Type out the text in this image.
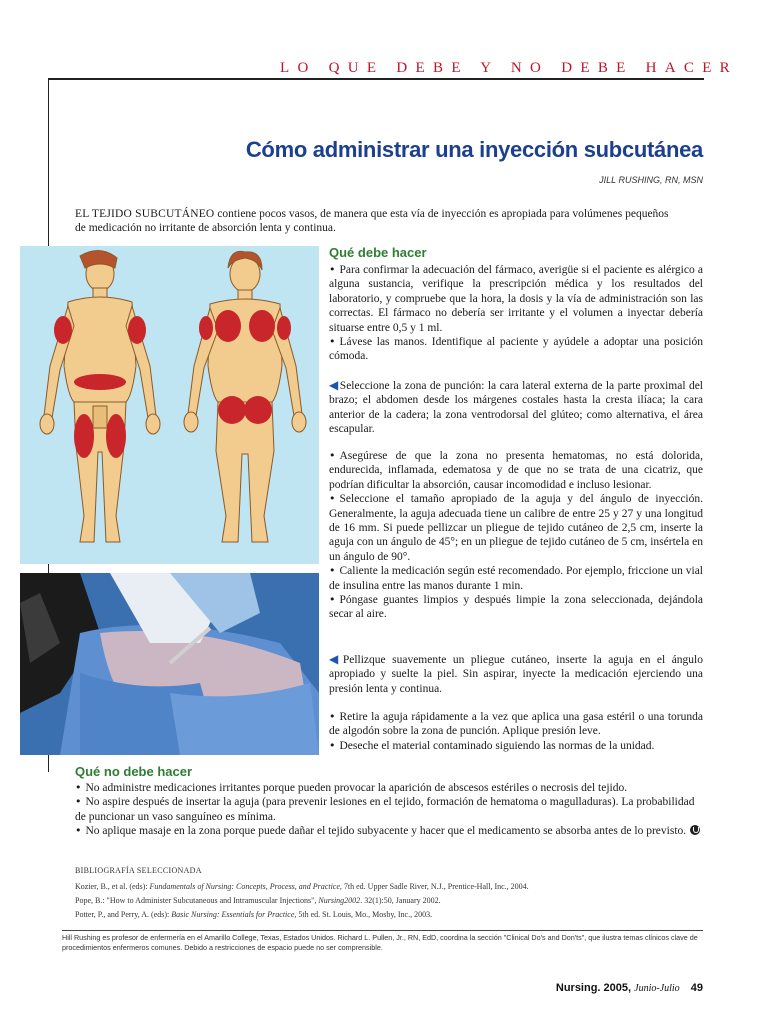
LO QUE DEBE Y NO DEBE HACER
Cómo administrar una inyección subcutánea
JILL RUSHING, RN, MSN
EL TEJIDO SUBCUTÁNEO contiene pocos vasos, de manera que esta vía de inyección es apropiada para volúmenes pequeños de medicación no irritante de absorción lenta y continua.
Qué debe hacer

• Para confirmar la adecuación del fármaco, averigüe si el paciente es alérgico a alguna sustancia, verifique la prescripción médica y los resultados del laboratorio, y compruebe que la hora, la dosis y la vía de administración son las correctas. El fármaco no debería ser irritante y el volumen a inyectar debería situarse entre 0,5 y 1 ml.

• Lávese las manos. Identifique al paciente y ayúdele a adoptar una posición cómoda.

◀Seleccione la zona de punción: la cara lateral externa de la parte proximal del brazo; el abdomen desde los márgenes costales hasta la cresta ilíaca; la cara anterior de la cadera; la zona ventrodorsal del glúteo; como alternativa, el área escapular.

• Asegúrese de que la zona no presenta hematomas, no está dolorida, endurecida, inflamada, edematosa y de que no se trata de una cicatriz, que podrían dificultar la absorción, causar incomodidad e incluso lesionar.

• Seleccione el tamaño apropiado de la aguja y del ángulo de inyección. Generalmente, la aguja adecuada tiene un calibre de entre 25 y 27 y una longitud de 16 mm. Si puede pellizcar un pliegue de tejido cutáneo de 2,5 cm, inserte la aguja con un ángulo de 45°; en un pliegue de tejido cutáneo de 5 cm, insértela en un ángulo de 90°.

• Caliente la medicación según esté recomendado. Por ejemplo, friccione un vial de insulina entre las manos durante 1 min.

• Póngase guantes limpios y después limpie la zona seleccionada, dejándola secar al aire.

◀Pellizque suavemente un pliegue cutáneo, inserte la aguja en el ángulo apropiado y suelte la piel. Sin aspirar, inyecte la medicación ejerciendo una presión lenta y continua.

• Retire la aguja rápidamente a la vez que aplica una gasa estéril o una torunda de algodón sobre la zona de punción. Aplique presión leve.

• Deseche el material contaminado siguiendo las normas de la unidad.

Qué no debe hacer

• No administre medicaciones irritantes porque pueden provocar la aparición de abscesos estériles o necrosis del tejido.

• No aspire después de insertar la aguja (para prevenir lesiones en el tejido, formación de hematoma o magulladuras). La probabilidad de puncionar un vaso sanguíneo es mínima.

• No aplique masaje en la zona porque puede dañar el tejido subyacente y hacer que el medicamento se absorba antes de lo previsto.

BIBLIOGRAFÍA SELECCIONADA
Kozier, B., et al. (eds): Fundamentals of Nursing: Concepts, Process, and Practice, 7th ed. Upper Sadle River, N.J., Prentice-Hall, Inc., 2004.
Pope, B.: "How to Administer Subcutaneous and Intramuscular Injections", Nursing2002. 32(1):50, January 2002.
Potter, P., and Perry, A. (eds): Basic Nursing: Essentials for Practice, 5th ed. St. Louis, Mo., Mosby, Inc., 2003.
Hill Rushing es profesor de enfermería en el Amarillo College, Texas, Estados Unidos. Richard L. Pullen, Jr., RN, EdD, coordina la sección "Clinical Do's and Don'ts", que ilustra temas clínicos clave de procedimientos enfermeros comunes. Debido a restricciones de espacio puede no ser comprensible.
Nursing. 2005, Junio-Julio 49
